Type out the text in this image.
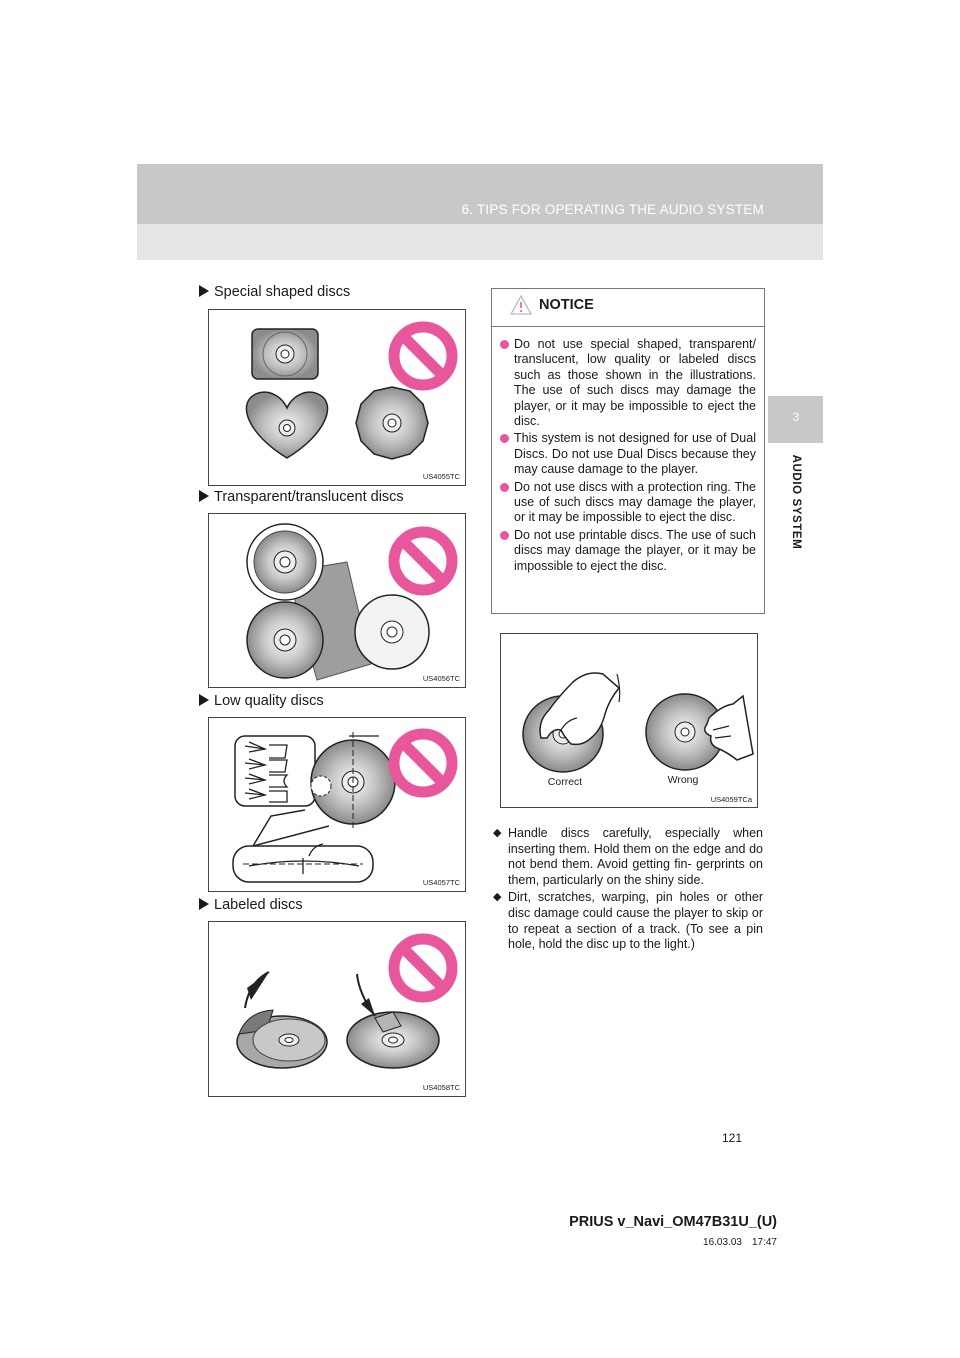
6. TIPS FOR OPERATING THE AUDIO SYSTEM
3
AUDIO SYSTEM
Special shaped discs
US4055TC
Transparent/translucent discs
US4056TC
Low quality discs
US4057TC
Labeled discs
US4058TC
NOTICE
Do not use special shaped, transparent/ translucent, low quality or labeled discs such as those shown in the illustrations. The use of such discs may damage the player, or it may be impossible to eject the disc.
This system is not designed for use of Dual Discs. Do not use Dual Discs because they may cause damage to the player.
Do not use discs with a protection ring. The use of such discs may damage the player, or it may be impossible to eject the disc.
Do not use printable discs. The use of such discs may damage the player, or it may be impossible to eject the disc.
Correct	Wrong
US4059TCa

◆ Handle discs carefully, especially when inserting them. Hold them on the edge and do not bend them. Avoid getting fin- gerprints on them, particularly on the shiny side.

◆ Dirt, scratches, warping, pin holes or other disc damage could cause the player to skip or to repeat a section of a track. (To see a pin hole, hold the disc up to the light.)

121
PRIUS v_Navi_OM47B31U_(U)
16.03.03 17:47
